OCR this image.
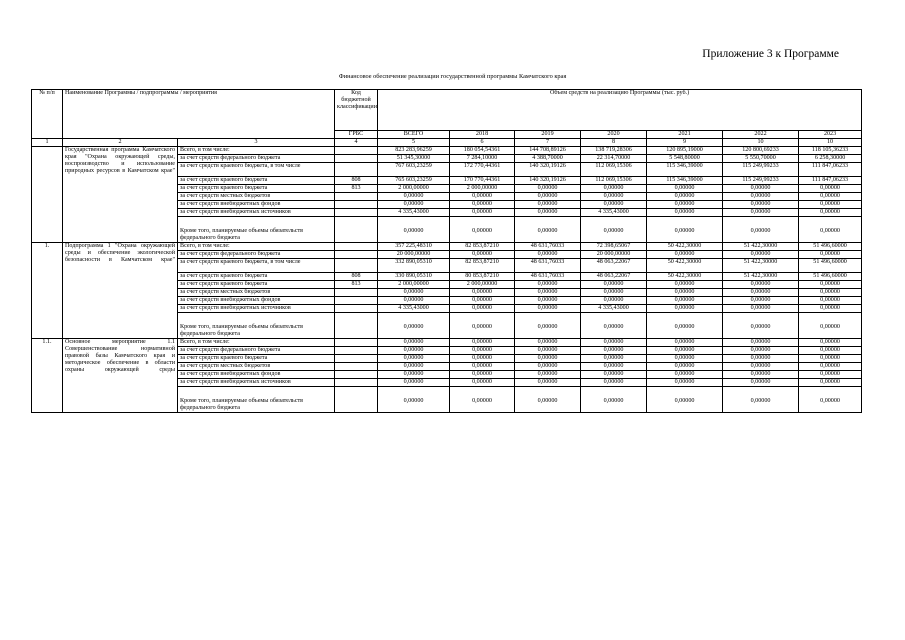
Приложение 3 к Программе
Финансовое обеспечение реализации государственной программы Камчатского края
№ п/п	Наименование Программы / подпрограммы / мероприятия		Код бюджетной классификации	Объем средств на реализацию Программы (тыс. руб.)						
			ГРБС	ВСЕГО	2018	2019	2020	2021	2022	2023
1	2	3	4	5	6	7	8	9	10	10
	Государственная программа Камчатского края "Охрана окружающей среды, воспроизводство и использование природных ресурсов в Камчатском крае"	Всего, в том числе:		823 283,96259	180 054,54361	144 708,89126	138 719,28306	120 895,19000	120 800,69233	118 105,36233
		за счет средств федерального бюджета		51 345,30000	7 284,10000	4 388,70000	22 314,70000	5 548,80000	5 550,70000	6 258,30000
		за счет средств краевого бюджета, в том числе		767 603,23259	172 770,44361	140 320,19126	112 069,15306	115 346,39000	115 249,99233	111 847,06233
		за счет средств краевого бюджета	808	765 603,23259	170 770,44361	140 320,19126	112 069,15306	115 346,39000	115 249,99233	111 847,06233
		за счет средств краевого бюджета	813	2 000,00000	2 000,00000	0,00000	0,00000	0,00000	0,00000	0,00000
		за счет средств местных бюджетов		0,00000	0,00000	0,00000	0,00000	0,00000	0,00000	0,00000
		за счет средств внебюджетных фондов		0,00000	0,00000	0,00000	0,00000	0,00000	0,00000	0,00000
		за счет средств внебюджетных источников		4 335,43000	0,00000	0,00000	4 335,43000	0,00000	0,00000	0,00000
		Кроме того, планируемые объемы обязательств федерального бюджета		0,00000	0,00000	0,00000	0,00000	0,00000	0,00000	0,00000
1.	Подпрограмма 1 "Охрана окружающей среды и обеспечение экологической безопасности в Камчатском крае"	Всего, в том числе:		357 225,48310	82 853,87210	48 631,76033	72 398,65067	50 422,30000	51 422,30000	51 496,60000
		за счет средств федерального бюджета		20 000,00000	0,00000	0,00000	20 000,00000	0,00000	0,00000	0,00000
		за счет средств краевого бюджета, в том числе		332 890,05310	82 853,87210	48 631,76033	48 063,22067	50 422,30000	51 422,30000	51 496,60000
		за счет средств краевого бюджета	808	330 890,05310	80 853,87210	48 631,76033	48 063,22067	50 422,30000	51 422,30000	51 496,60000
		за счет средств краевого бюджета	813	2 000,00000	2 000,00000	0,00000	0,00000	0,00000	0,00000	0,00000
		за счет средств местных бюджетов		0,00000	0,00000	0,00000	0,00000	0,00000	0,00000	0,00000
		за счет средств внебюджетных фондов		0,00000	0,00000	0,00000	0,00000	0,00000	0,00000	0,00000
		за счет средств внебюджетных источников		4 335,43000	0,00000	0,00000	4 335,43000	0,00000	0,00000	0,00000
		Кроме того, планируемые объемы обязательств федерального бюджета		0,00000	0,00000	0,00000	0,00000	0,00000	0,00000	0,00000
1.1.	Основное мероприятие 1.1 Совершенствование нормативной правовой базы Камчатского края и методическое обеспечение в области охраны окружающей среды	Всего, в том числе:		0,00000	0,00000	0,00000	0,00000	0,00000	0,00000	0,00000
		за счет средств федерального бюджета		0,00000	0,00000	0,00000	0,00000	0,00000	0,00000	0,00000
		за счет средств краевого бюджета		0,00000	0,00000	0,00000	0,00000	0,00000	0,00000	0,00000
		за счет средств местных бюджетов		0,00000	0,00000	0,00000	0,00000	0,00000	0,00000	0,00000
		за счет средств внебюджетных фондов		0,00000	0,00000	0,00000	0,00000	0,00000	0,00000	0,00000
		за счет средств внебюджетных источников		0,00000	0,00000	0,00000	0,00000	0,00000	0,00000	0,00000
		Кроме того, планируемые объемы обязательств федерального бюджета		0,00000	0,00000	0,00000	0,00000	0,00000	0,00000	0,00000
